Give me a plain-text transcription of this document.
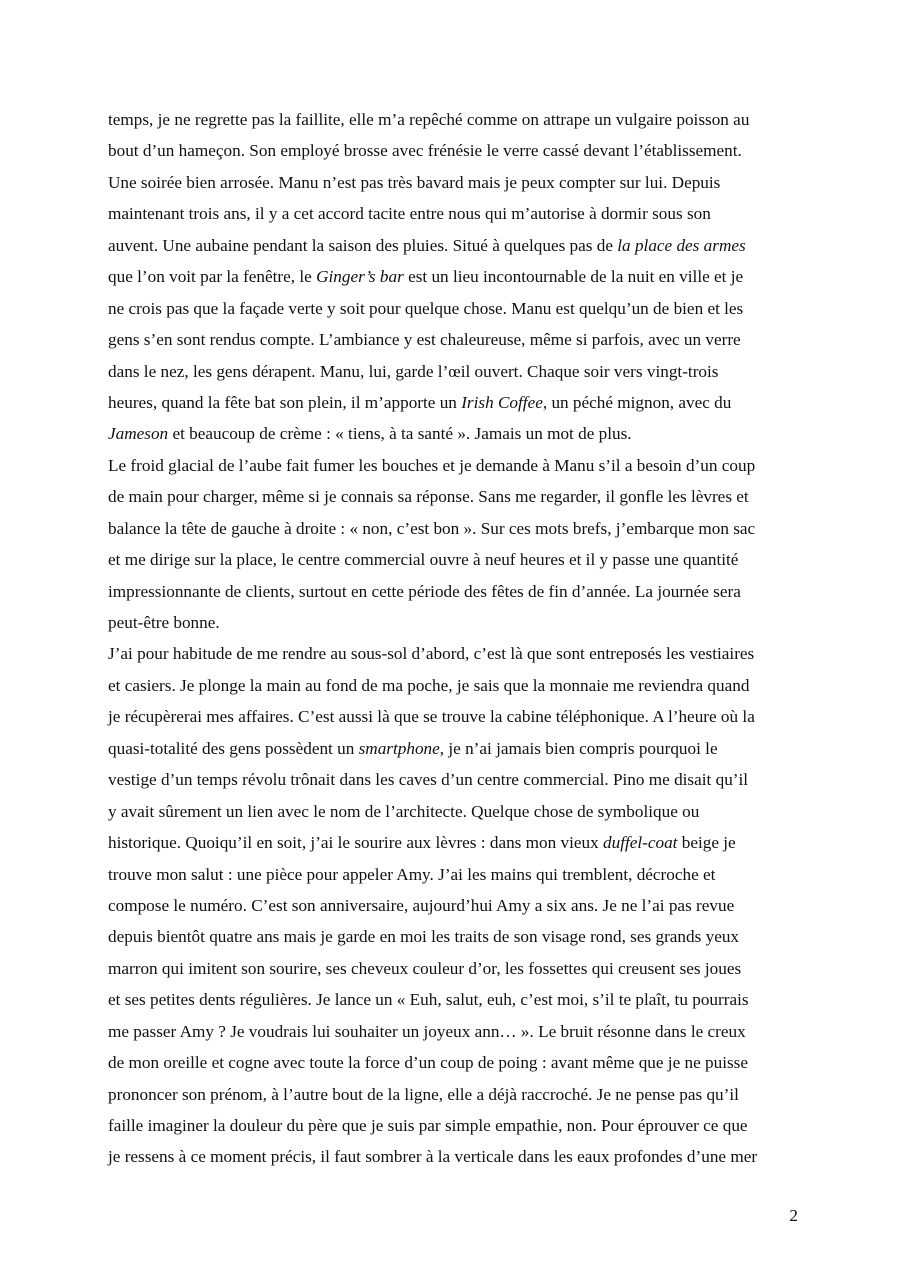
temps, je ne regrette pas la faillite, elle m’a repêché comme on attrape un vulgaire poisson au
bout d’un hameçon. Son employé brosse avec frénésie le verre cassé devant l’établissement.
Une soirée bien arrosée. Manu n’est pas très bavard mais je peux compter sur lui. Depuis
maintenant trois ans, il y a cet accord tacite entre nous qui m’autorise à dormir sous son
auvent. Une aubaine pendant la saison des pluies. Situé à quelques pas de la place des armes
que l’on voit par la fenêtre, le Ginger’s bar est un lieu incontournable de la nuit en ville et je
ne crois pas que la façade verte y soit pour quelque chose. Manu est quelqu’un de bien et les
gens s’en sont rendus compte. L’ambiance y est chaleureuse, même si parfois, avec un verre
dans le nez, les gens dérapent. Manu, lui, garde l’œil ouvert. Chaque soir vers vingt-trois
heures, quand la fête bat son plein, il m’apporte un Irish Coffee, un péché mignon, avec du
Jameson et beaucoup de crème : « tiens, à ta santé ». Jamais un mot de plus.
Le froid glacial de l’aube fait fumer les bouches et je demande à Manu s’il a besoin d’un coup
de main pour charger, même si je connais sa réponse. Sans me regarder, il gonfle les lèvres et
balance la tête de gauche à droite : « non, c’est bon ». Sur ces mots brefs, j’embarque mon sac
et me dirige sur la place, le centre commercial ouvre à neuf heures et il y passe une quantité
impressionnante de clients, surtout en cette période des fêtes de fin d’année. La journée sera
peut-être bonne.
J’ai pour habitude de me rendre au sous-sol d’abord, c’est là que sont entreposés les vestiaires
et casiers. Je plonge la main au fond de ma poche, je sais que la monnaie me reviendra quand
je récupèrerai mes affaires. C’est aussi là que se trouve la cabine téléphonique. A l’heure où la
quasi-totalité des gens possèdent un smartphone, je n’ai jamais bien compris pourquoi le
vestige d’un temps révolu trônait dans les caves d’un centre commercial. Pino me disait qu’il
y avait sûrement un lien avec le nom de l’architecte. Quelque chose de symbolique ou
historique. Quoiqu’il en soit, j’ai le sourire aux lèvres : dans mon vieux duffel-coat beige je
trouve mon salut : une pièce pour appeler Amy. J’ai les mains qui tremblent, décroche et
compose le numéro. C’est son anniversaire, aujourd’hui Amy a six ans. Je ne l’ai pas revue
depuis bientôt quatre ans mais je garde en moi les traits de son visage rond, ses grands yeux
marron qui imitent son sourire, ses cheveux couleur d’or, les fossettes qui creusent ses joues
et ses petites dents régulières. Je lance un « Euh, salut, euh, c’est moi, s’il te plaît, tu pourrais
me passer Amy ? Je voudrais lui souhaiter un joyeux ann… ». Le bruit résonne dans le creux
de mon oreille et cogne avec toute la force d’un coup de poing : avant même que je ne puisse
prononcer son prénom, à l’autre bout de la ligne, elle a déjà raccroché. Je ne pense pas qu’il
faille imaginer la douleur du père que je suis par simple empathie, non. Pour éprouver ce que
je ressens à ce moment précis, il faut sombrer à la verticale dans les eaux profondes d’une mer
2
